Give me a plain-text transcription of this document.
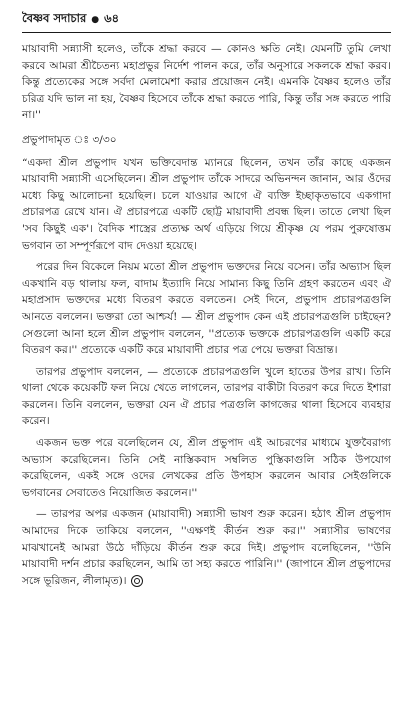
বৈষ্ণব সদাচার ● ৬৪

মায়াবাদী সন্ন্যাসী হলেও, তাঁকে শ্রদ্ধা করবে — কোনও ক্ষতি নেই। যেমনটি তুমি লেখা করবে আমরা শ্রীচৈতন্য মহাপ্রভুর নির্দেশ পালন করে, তাঁর অনুসারে সকলকে শ্রদ্ধা করব। কিন্তু প্রত্যেকের সঙ্গে সর্বদা মেলামেশা করার প্রয়োজন নেই। এমনকি বৈষ্ণব হলেও তাঁর চরিত্র যদি ভাল না হয়, বৈষ্ণব হিসেবে তাঁকে শ্রদ্ধা করতে পারি, কিন্তু তাঁর সঙ্গ করতে পারি না।''

প্রভুপাদামৃত ঃ ৩/৩০

“একদা শ্রীল প্রভুপাদ যখন ভক্তিবেদান্ত ম্যানরে ছিলেন, তখন তাঁর কাছে একজন মায়াবাদী সন্ন্যাসী এসেছিলেন। শ্রীল প্রভুপাদ তাঁকে সাদরে অভিনন্দন জানান, আর ওঁদের মধ্যে কিছু আলোচনা হয়েছিল। চলে যাওয়ার আগে ঐ ব্যক্তি ইচ্ছাকৃতভাবে একগাদা প্রচারপত্র রেখে যান। ঐ প্রচারপত্রে একটি ছোট্ট মায়াবাদী প্রবন্ধ ছিল। তাতে লেখা ছিল 'সব কিছুই এক'। বৈদিক শাস্ত্রের প্রত্যক্ষ অর্থ এড়িয়ে গিয়ে শ্রীকৃষ্ণ যে পরম পুরুষোত্তম ভগবান তা সম্পূর্ণরূপে বাদ দেওয়া হয়েছে।

পরের দিন বিকেলে নিয়ম মতো শ্রীল প্রভুপাদ ভক্তদের নিয়ে বসেন। তাঁর অভ্যাস ছিল একখানি বড় থালায় ফল, বাদাম ইত্যাদি নিয়ে সামান্য কিছু তিনি গ্রহণ করতেন এবং ঐ মহাপ্রসাদ ভক্তদের মধ্যে বিতরণ করতে বলতেন। সেই দিনে, প্রভুপাদ প্রচারপত্রগুলি আনতে বললেন। ভক্তরা তো আশ্চর্য! — শ্রীল প্রভুপাদ কেন এই প্রচারপত্রগুলি চাইছেন? সেগুলো আনা হলে শ্রীল প্রভুপাদ বললেন, ''প্রত্যেক ভক্তকে প্রচারপত্রগুলি একটি করে বিতরণ কর।'' প্রত্যেকে একটি করে মায়াবাদী প্রচার পত্র পেয়ে ভক্তরা বিভ্রান্ত।

তারপর প্রভুপাদ বললেন, — প্রত্যেকে প্রচারপত্রগুলি খুলে হাতের উপর রাখ। তিনি থালা থেকে কয়েকটি ফল নিয়ে খেতে লাগলেন, তারপর বাকীটা বিতরণ করে দিতে ইশারা করলেন। তিনি বললেন, ভক্তরা যেন ঐ প্রচার পত্রগুলি কাগজের থালা হিসেবে ব্যবহার করেন।

একজন ভক্ত পরে বলেছিলেন যে, শ্রীল প্রভুপাদ এই আচরণের মাধ্যমে যুক্তবৈরাগ্য অভ্যাস করেছিলেন। তিনি সেই নাস্তিকবাদ সম্বলিত পুস্তিকাগুলি সঠিক উপযোগ করেছিলেন, একই সঙ্গে ওদের লেখকের প্রতি উপহাস করলেন আবার সেইগুলিকে ভগবানের সেবাতেও নিয়োজিত করলেন।''

— তারপর অপর একজন (মায়াবাদী) সন্ন্যাসী ভাষণ শুরু করেন। হঠাৎ শ্রীল প্রভুপাদ আমাদের দিকে তাকিয়ে বললেন, ''এক্ষণই কীর্তন শুরু কর।'' সন্ন্যাসীর ভাষণের মাঝখানেই আমরা উঠে দাঁড়িয়ে কীর্তন শুরু করে দিই। প্রভুপাদ বলেছিলেন, ''উনি মায়াবাদী দর্শন প্রচার করছিলেন, আমি তা সহ্য করতে পারিনি।'' (জাপানে শ্রীল প্রভুপাদের সঙ্গে ভূরিজন, লীলামৃত)।
